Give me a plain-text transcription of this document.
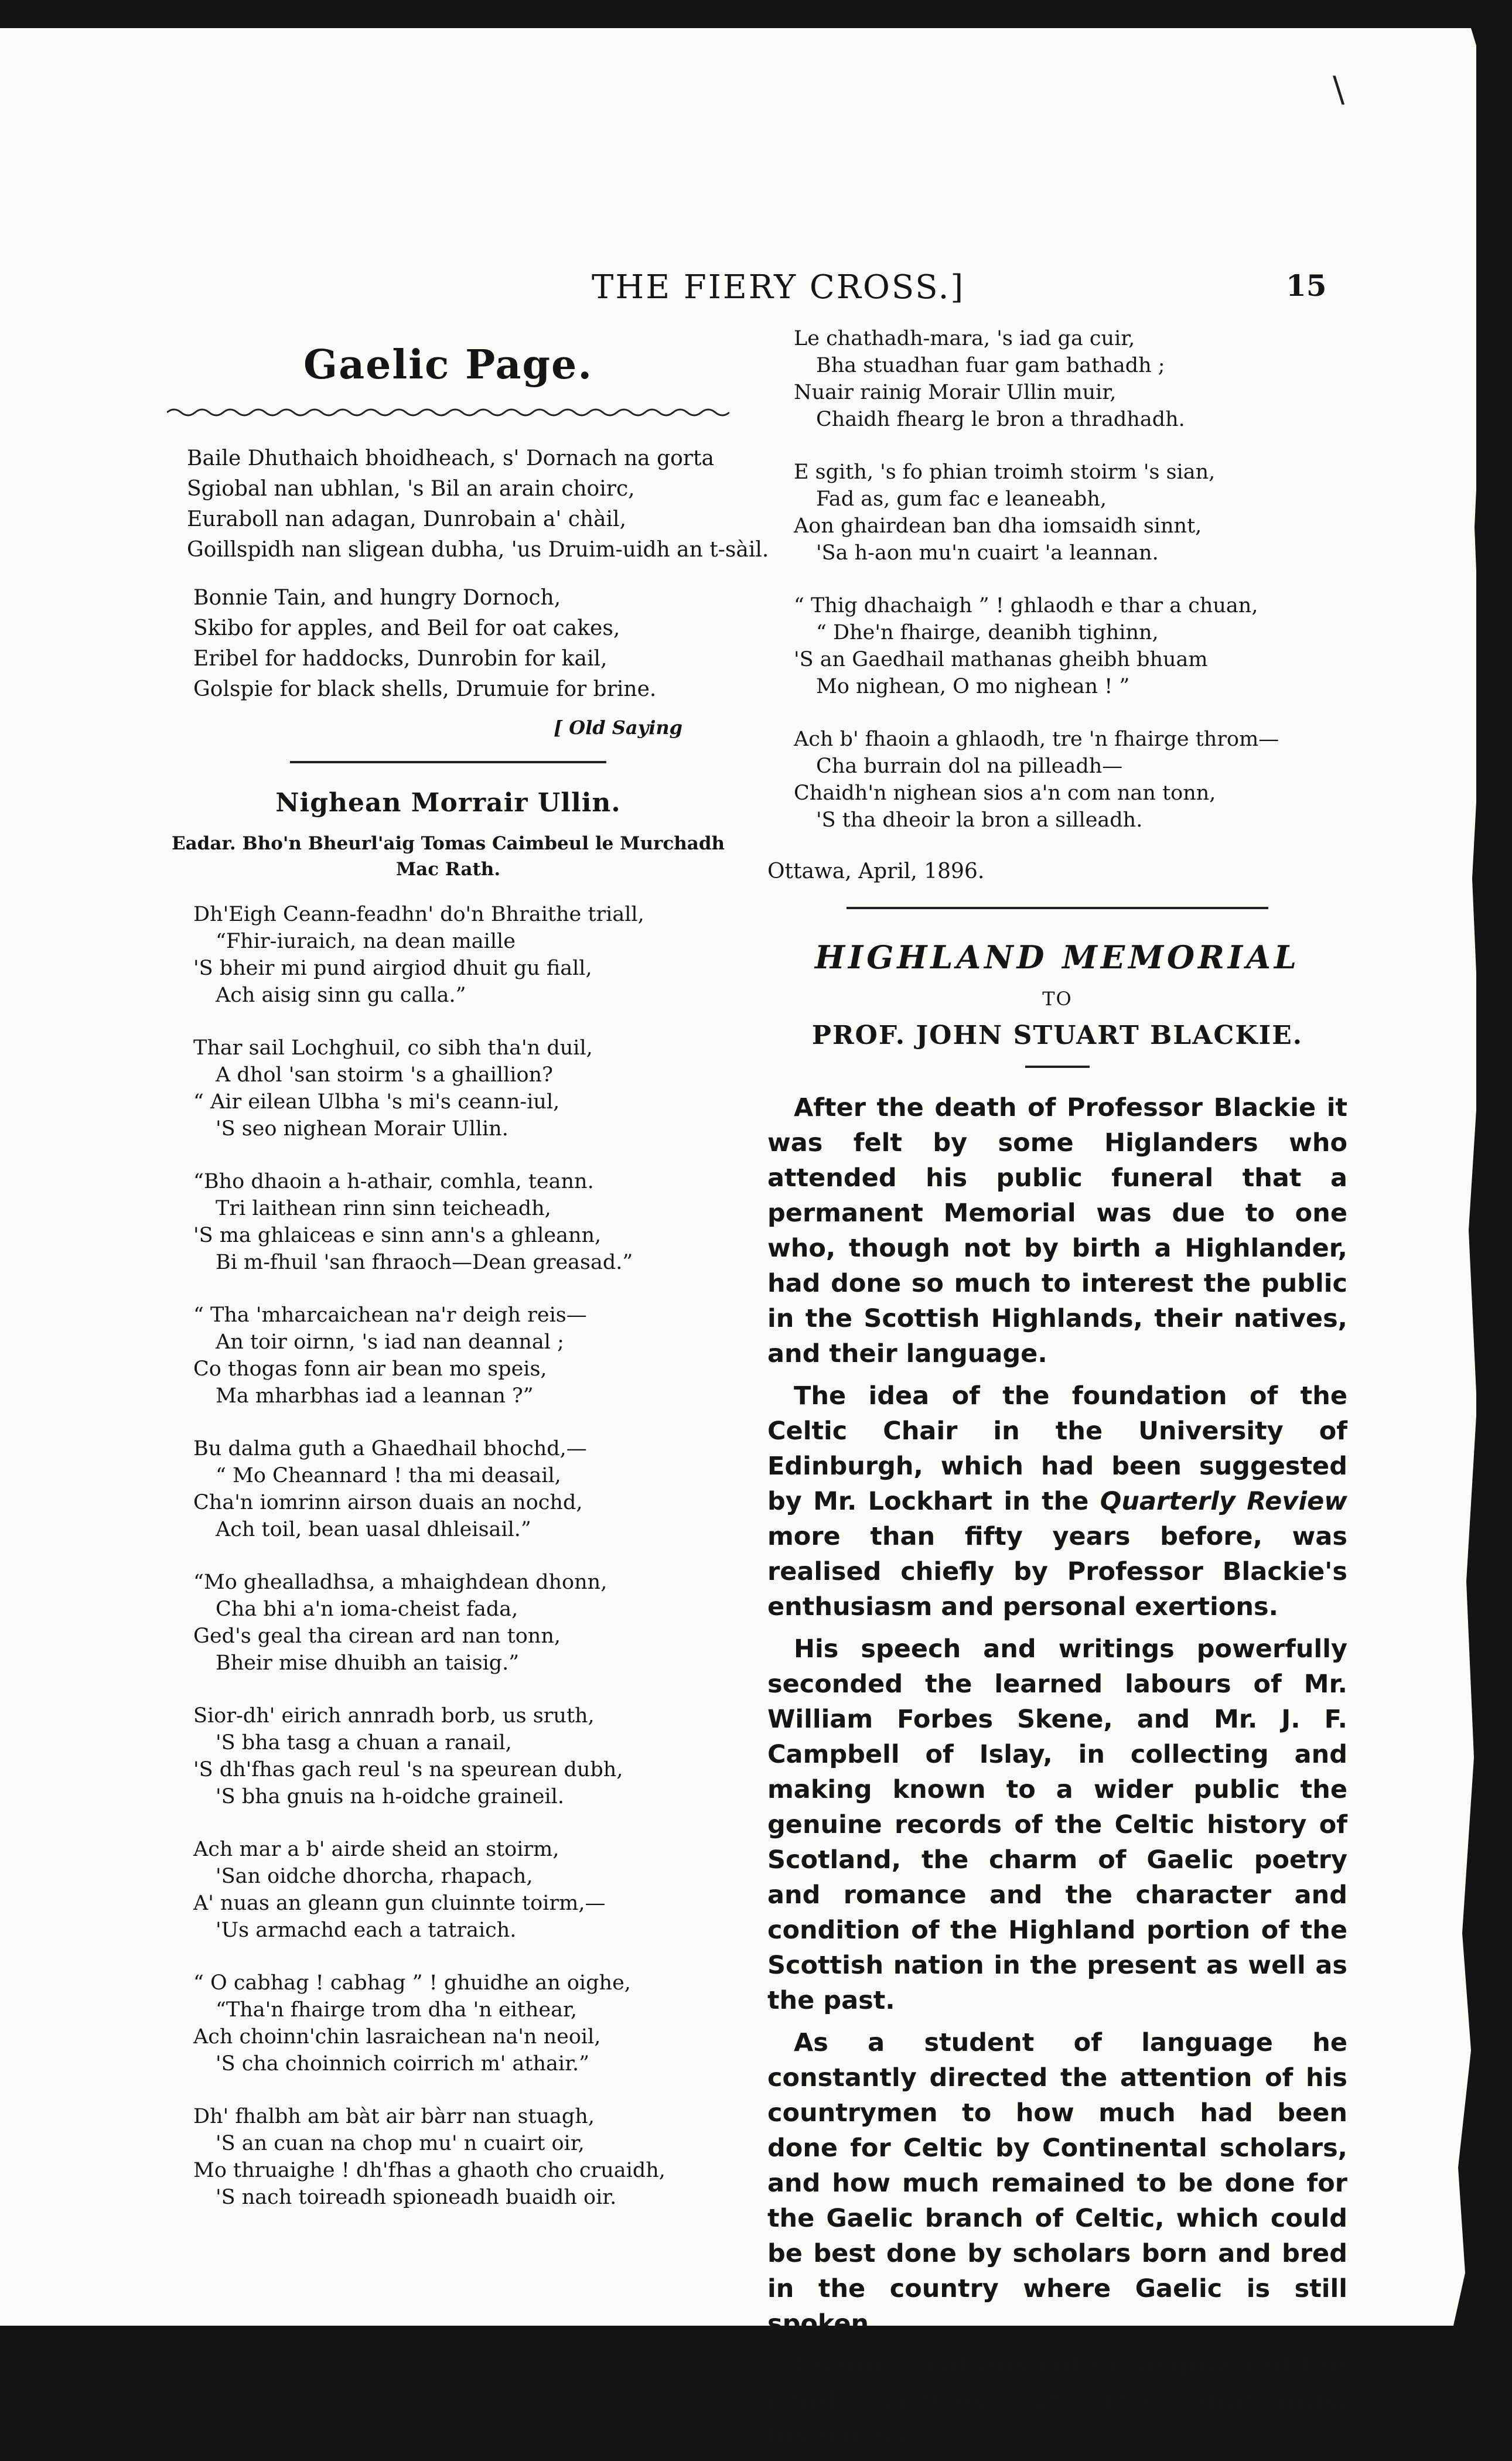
\
THE FIERY CROSS.]	15
Gaelic Page.
Baile Dhuthaich bhoidheach, s' Dornach na gorta
Sgiobal nan ubhlan, 's Bil an arain choirc,
Euraboll nan adagan, Dunrobain a' chàil,
Goillspidh nan sligean dubha, 'us Druim-uidh an t-sàil.
Bonnie Tain, and hungry Dornoch,
Skibo for apples, and Beil for oat cakes,
Eribel for haddocks, Dunrobin for kail,
Golspie for black shells, Drumuie for brine.
[ Old Saying
Nighean Morrair Ullin.
Eadar. Bho'n Bheurl'aig Tomas Caimbeul le Murchadh Mac Rath.
Dh'Eigh Ceann-feadhn' do'n Bhraithe triall,
“Fhir-iuraich, na dean maille
'S bheir mi pund airgiod dhuit gu fiall,
Ach aisig sinn gu calla.”
Thar sail Lochghuil, co sibh tha'n duil,
A dhol 'san stoirm 's a ghaillion?
“ Air eilean Ulbha 's mi's ceann-iul,
'S seo nighean Morair Ullin.
“Bho dhaoin a h-athair, comhla, teann.
Tri laithean rinn sinn teicheadh,
'S ma ghlaiceas e sinn ann's a ghleann,
Bi m-fhuil 'san fhraoch—Dean greasad.”
“ Tha 'mharcaichean na'r deigh reis—
An toir oirnn, 's iad nan deannal ;
Co thogas fonn air bean mo speis,
Ma mharbhas iad a leannan ?”
Bu dalma guth a Ghaedhail bhochd,—
“ Mo Cheannard ! tha mi deasail,
Cha'n iomrinn airson duais an nochd,
Ach toil, bean uasal dhleisail.”
“Mo ghealladhsa, a mhaighdean dhonn,
Cha bhi a'n ioma-cheist fada,
Ged's geal tha cirean ard nan tonn,
Bheir mise dhuibh an taisig.”
Sior-dh' eirich annradh borb, us sruth,
'S bha tasg a chuan a ranail,
'S dh'fhas gach reul 's na speurean dubh,
'S bha gnuis na h-oidche graineil.
Ach mar a b' airde sheid an stoirm,
'San oidche dhorcha, rhapach,
A' nuas an gleann gun cluinnte toirm,—
'Us armachd each a tatraich.
“ O cabhag ! cabhag ” ! ghuidhe an oighe,
“Tha'n fhairge trom dha 'n eithear,
Ach choinn'chin lasraichean na'n neoil,
'S cha choinnich coirrich m' athair.”
Dh' fhalbh am bàt air bàrr nan stuagh,
'S an cuan na chop mu' n cuairt oir,
Mo thruaighe ! dh'fhas a ghaoth cho cruaidh,
'S nach toireadh spioneadh buaidh oir.
Le chathadh-mara, 's iad ga cuir,
Bha stuadhan fuar gam bathadh ;
Nuair rainig Morair Ullin muir,
Chaidh fhearg le bron a thradhadh.
E sgith, 's fo phian troimh stoirm 's sian,
Fad as, gum fac e leaneabh,
Aon ghairdean ban dha iomsaidh sinnt,
'Sa h-aon mu'n cuairt 'a leannan.
“ Thig dhachaigh ” ! ghlaodh e thar a chuan,
“ Dhe'n fhairge, deanibh tighinn,
'S an Gaedhail mathanas gheibh bhuam
Mo nighean, O mo nighean ! ”
Ach b' fhaoin a ghlaodh, tre 'n fhairge throm—
Cha burrain dol na pilleadh—
Chaidh'n nighean sios a'n com nan tonn,
'S tha dheoir la bron a silleadh.
Ottawa, April, 1896.
HIGHLAND MEMORIAL
TO
PROF. JOHN STUART BLACKIE.

After the death of Professor Blackie it was felt by some Higlanders who attended his public funeral that a permanent Memorial was due to one who, though not by birth a Highlander, had done so much to interest the public in the Scottish Highlands, their natives, and their language.

The idea of the foundation of the Celtic Chair in the University of Edinburgh, which had been suggested by Mr. Lockhart in the Quarterly Review more than fifty years before, was realised chiefly by Professor Blackie's enthusiasm and personal exertions.

His speech and writings powerfully seconded the learned labours of Mr. William Forbes Skene, and Mr. J. F. Campbell of Islay, in collecting and making known to a wider public the genuine records of the Celtic history of Scotland, the charm of Gaelic poetry and romance and the character and condition of the Highland portion of the Scottish nation in the present as well as the past.

As a student of language he constantly directed the attention of his countrymen to how much had been done for Celtic by Continental scholars, and how much remained to be done for the Gaelic branch of Celtic, which could be best done by scholars born and bred in the country where Gaelic is still spoken.

Communications with Glasgow and the chief centres of the Highlands, Inverness,
